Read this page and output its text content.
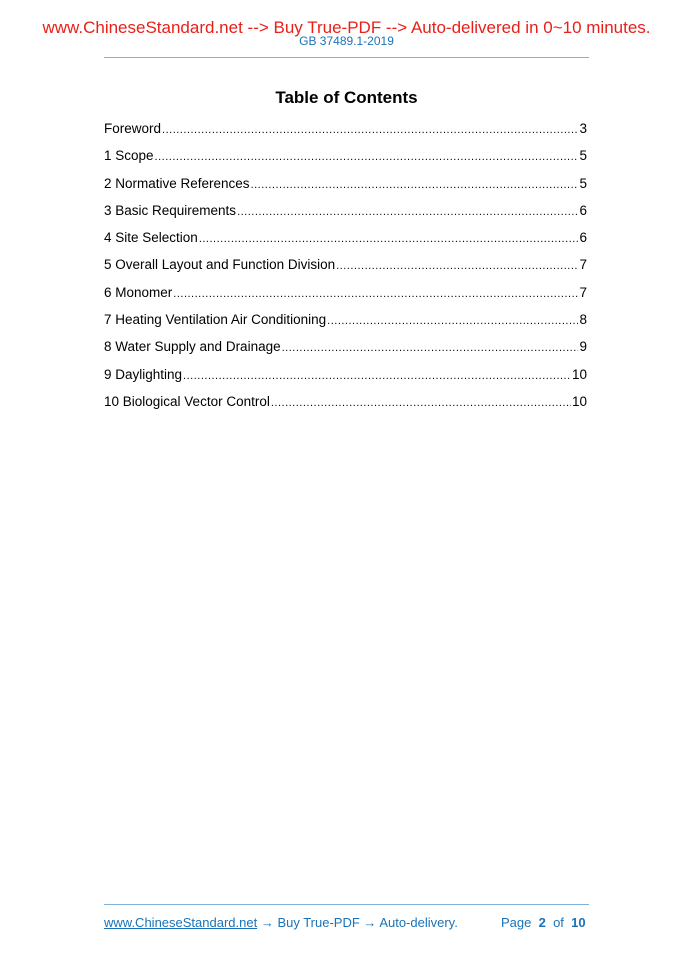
www.ChineseStandard.net --> Buy True-PDF --> Auto-delivered in 0~10 minutes.
GB 37489.1-2019
Table of Contents
Foreword .....	3
1 Scope .....	5
2 Normative References .....	5
3 Basic Requirements .....	6
4 Site Selection .....	6
5 Overall Layout and Function Division .....	7
6 Monomer .....	7
7 Heating Ventilation Air Conditioning .....	8
8 Water Supply and Drainage .....	9
9 Daylighting .....	10
10 Biological Vector Control .....	10
www.ChineseStandard.net → Buy True-PDF → Auto-delivery.	Page 2 of 10
